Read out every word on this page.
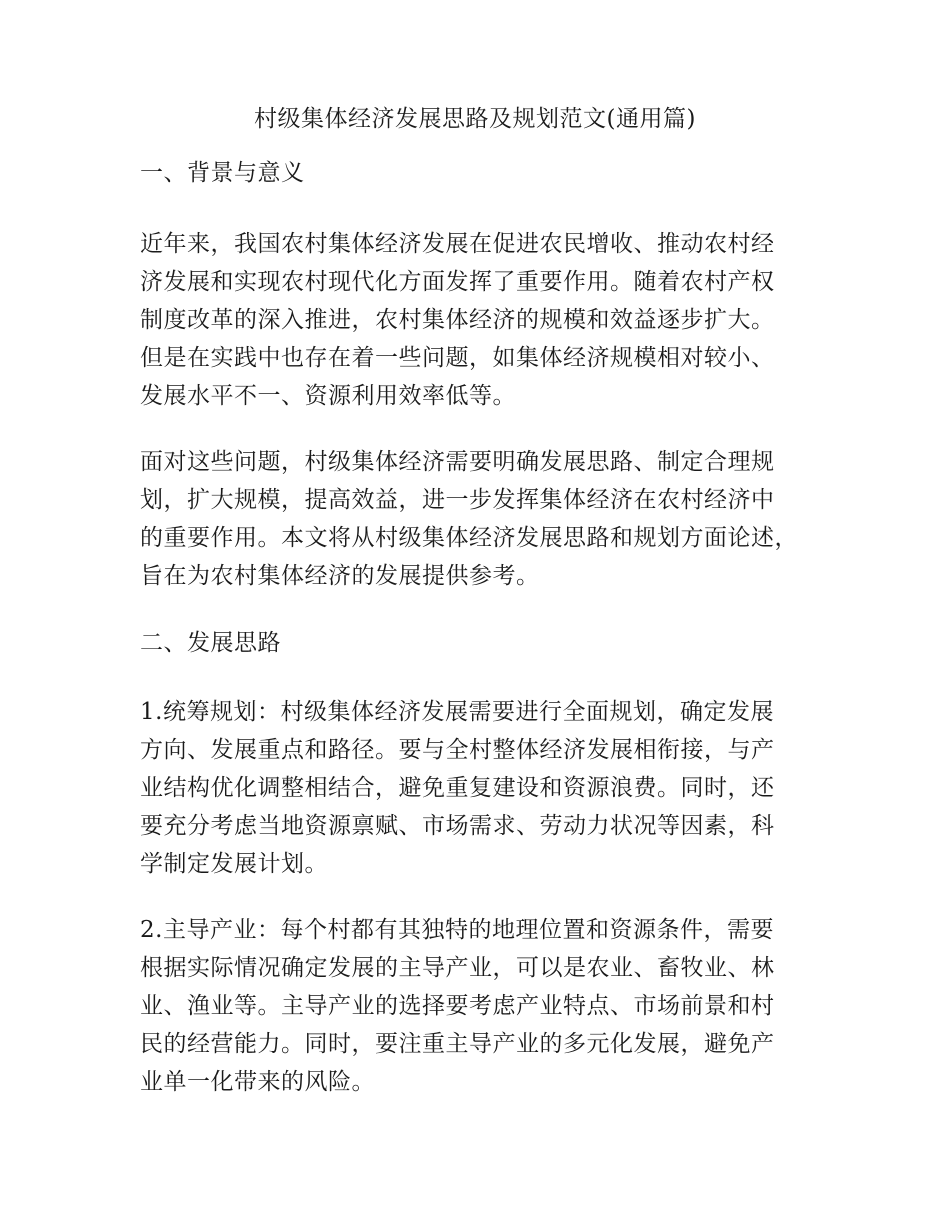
村级集体经济发展思路及规划范文(通用篇)
一、背景与意义

近年来，我国农村集体经济发展在促进农民增收、推动农村经
济发展和实现农村现代化方面发挥了重要作用。随着农村产权
制度改革的深入推进，农村集体经济的规模和效益逐步扩大。
但是在实践中也存在着一些问题，如集体经济规模相对较小、
发展水平不一、资源利用效率低等。

面对这些问题，村级集体经济需要明确发展思路、制定合理规
划，扩大规模，提高效益，进一步发挥集体经济在农村经济中
的重要作用。本文将从村级集体经济发展思路和规划方面论述，
旨在为农村集体经济的发展提供参考。

二、发展思路

1.统筹规划：村级集体经济发展需要进行全面规划，确定发展
方向、发展重点和路径。要与全村整体经济发展相衔接，与产
业结构优化调整相结合，避免重复建设和资源浪费。同时，还
要充分考虑当地资源禀赋、市场需求、劳动力状况等因素，科
学制定发展计划。

2.主导产业：每个村都有其独特的地理位置和资源条件，需要
根据实际情况确定发展的主导产业，可以是农业、畜牧业、林
业、渔业等。主导产业的选择要考虑产业特点、市场前景和村
民的经营能力。同时，要注重主导产业的多元化发展，避免产
业单一化带来的风险。
